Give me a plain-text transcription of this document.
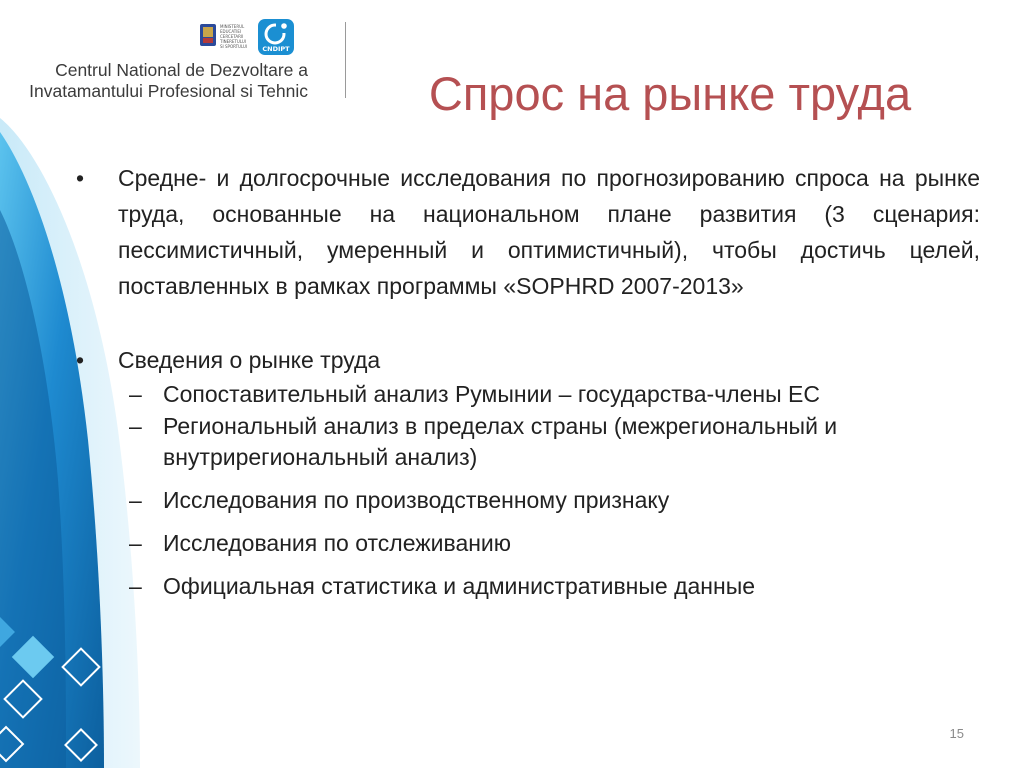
MINISTERUL
EDUCATIEI
CERCETARII
TINERETULUI
SI SPORTULUI CNDIPT
Centrul National de Dezvoltare a
Invatamantului Profesional si Tehnic	Спрос на рынке труда
•	Средне- и долгосрочные исследования по прогнозированию спроса на рынке труда, основанные на национальном плане развития (3 сценария: пессимистичный, умеренный и оптимистичный), чтобы достичь целей, поставленных в рамках программы «SOPHRD 2007-2013»
•	Сведения о рынке труда
– Сопоставительный анализ Румынии – государства-члены ЕС
– Региональный анализ в пределах страны (межрегиональный и внутрирегиональный анализ)
– Исследования по производственному признаку
– Исследования по отслеживанию
– Официальная статистика и административные данные
15
